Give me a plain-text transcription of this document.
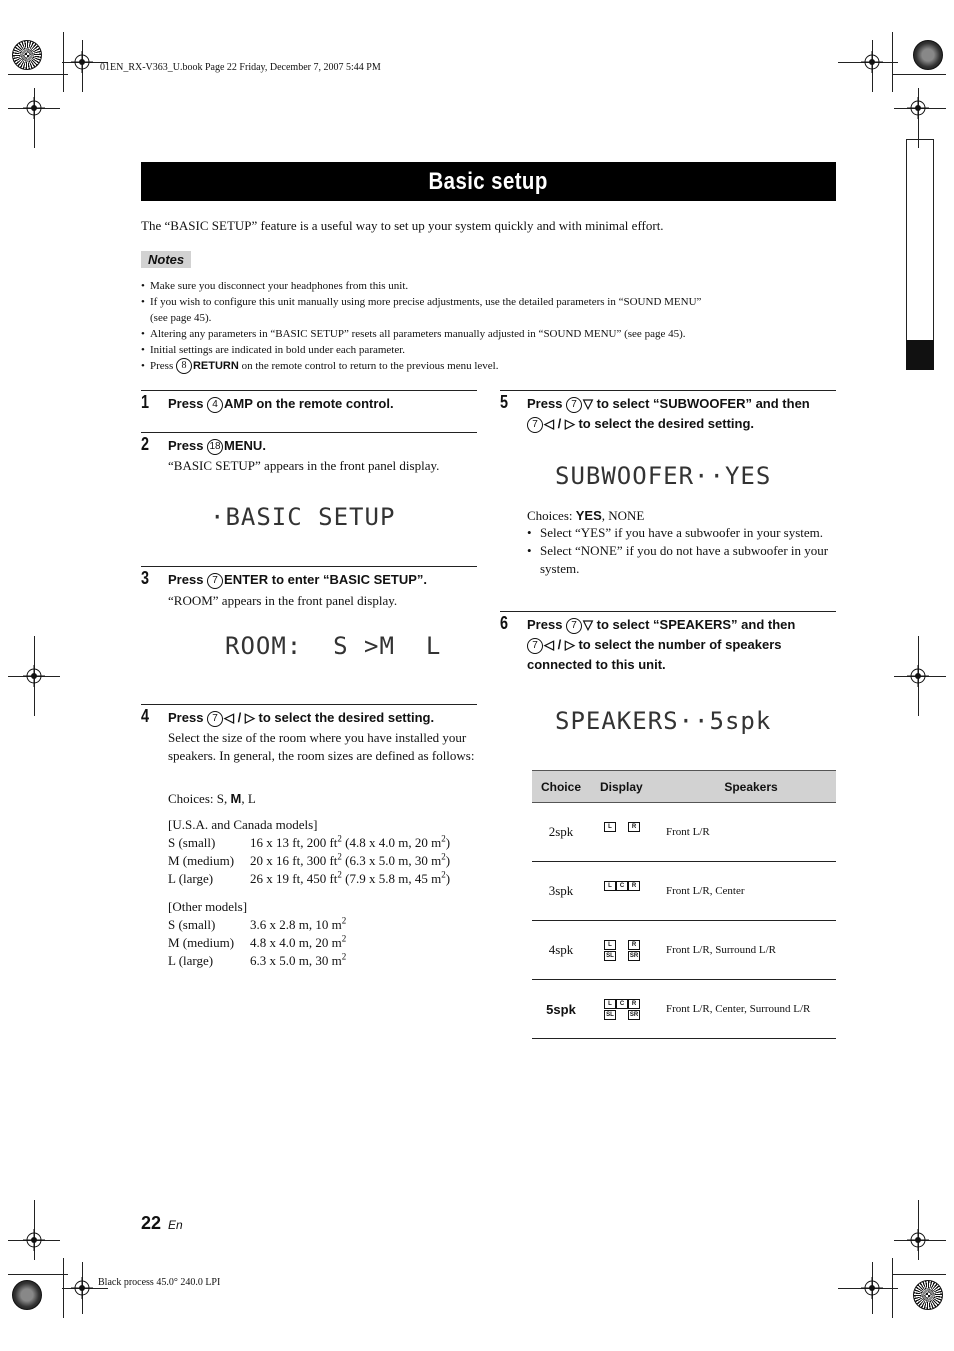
01EN_RX-V363_U.book Page 22 Friday, December 7, 2007 5:44 PM
Basic setup
The “BASIC SETUP” feature is a useful way to set up your system quickly and with minimal effort.
Notes
• Make sure you disconnect your headphones from this unit.
• If you wish to configure this unit manually using more precise adjustments, use the detailed parameters in “SOUND MENU”
(see page 45).
• Altering any parameters in “BASIC SETUP” resets all parameters manually adjusted in “SOUND MENU” (see page 45).
• Initial settings are indicated in bold under each parameter.
• Press 8 RETURN on the remote control to return to the previous menu level.
1 Press 4 AMP on the remote control.
2 Press 18 MENU.
“BASIC SETUP” appears in the front panel display.
·BASIC SETUP
3 Press 7 ENTER to enter “BASIC SETUP”.
“ROOM” appears in the front panel display.
ROOM:  S >M  L
4 Press 7 ◁ / ▷ to select the desired setting.
Select the size of the room where you have installed your speakers. In general, the room sizes are defined as follows:
Choices: S, M, L
[U.S.A. and Canada models]
S (small)	16 x 13 ft, 200 $ft^2$ (4.8 x 4.0 m, 20 $m^2$)
M (medium)	20 x 16 ft, 300 $ft^2$ (6.3 x 5.0 m, 30 $m^2$)
L (large)	26 x 19 ft, 450 $ft^2$ (7.9 x 5.8 m, 45 $m^2$)
[Other models]
S (small)	3.6 x 2.8 m, 10 $m^2$
M (medium)	4.8 x 4.0 m, 20 $m^2$
L (large)	6.3 x 5.0 m, 30 $m^2$
5 Press 7 ▽ to select “SUBWOOFER” and then
7 ◁ / ▷ to select the desired setting.
SUBWOOFER··YES
Choices: YES, NONE
• Select “YES” if you have a subwoofer in your system.
• Select “NONE” if you do not have a subwoofer in your system.
6 Press 7 ▽ to select “SPEAKERS” and then
7 ◁ / ▷ to select the number of speakers connected to this unit.
SPEAKERS··5spk
Choice	Display	Speakers
2spk	L R	Front L/R
3spk	L C R	Front L/R, Center
4spk	$\frac{L}{SL} \frac{R}{SR}$	Front L/R, Surround L/R
5spk	$\frac{L}{SL}$ C $\frac{R}{SR}$	Front L/R, Center, Surround L/R
22 En
Black process 45.0° 240.0 LPI
